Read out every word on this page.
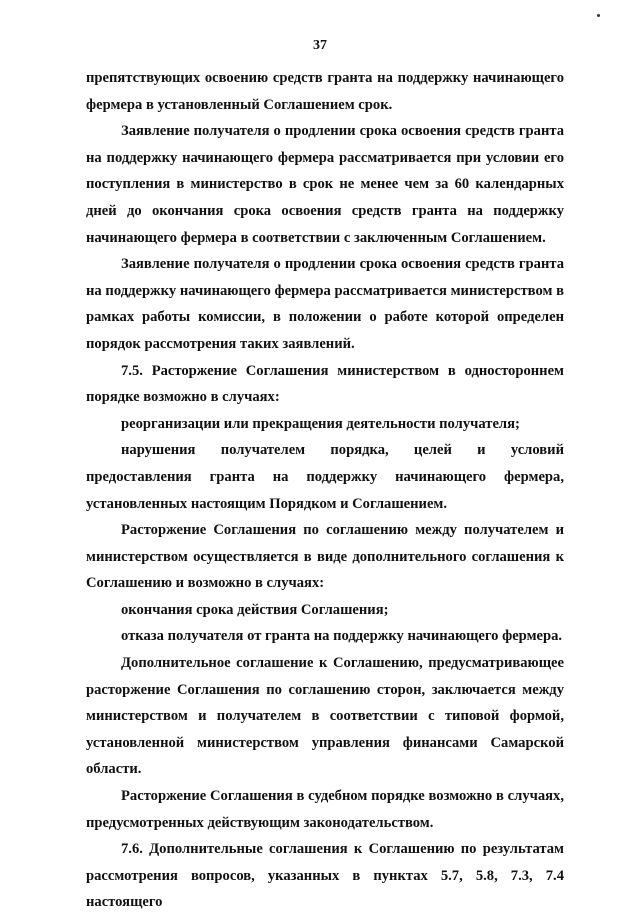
37

препятствующих освоению средств гранта на поддержку начинающего фермера в установленный Соглашением срок.

Заявление получателя о продлении срока освоения средств гранта на поддержку начинающего фермера рассматривается при условии его поступления в министерство в срок не менее чем за 60 календарных дней до окончания срока освоения средств гранта на поддержку начинающего фермера в соответствии с заключенным Соглашением.

Заявление получателя о продлении срока освоения средств гранта на поддержку начинающего фермера рассматривается министерством в рамках работы комиссии, в положении о работе которой определен порядок рассмотрения таких заявлений.

7.5. Расторжение Соглашения министерством в одностороннем порядке возможно в случаях:

реорганизации или прекращения деятельности получателя;

нарушения получателем порядка, целей и условий предоставления гранта на поддержку начинающего фермера, установленных настоящим Порядком и Соглашением.

Расторжение Соглашения по соглашению между получателем и министерством осуществляется в виде дополнительного соглашения к Соглашению и возможно в случаях:

окончания срока действия Соглашения;

отказа получателя от гранта на поддержку начинающего фермера.

Дополнительное соглашение к Соглашению, предусматривающее расторжение Соглашения по соглашению сторон, заключается между министерством и получателем в соответствии с типовой формой, установленной министерством управления финансами Самарской области.

Расторжение Соглашения в судебном порядке возможно в случаях, предусмотренных действующим законодательством.

7.6. Дополнительные соглашения к Соглашению по результатам рассмотрения вопросов, указанных в пунктах 5.7, 5.8, 7.3, 7.4 настоящего
